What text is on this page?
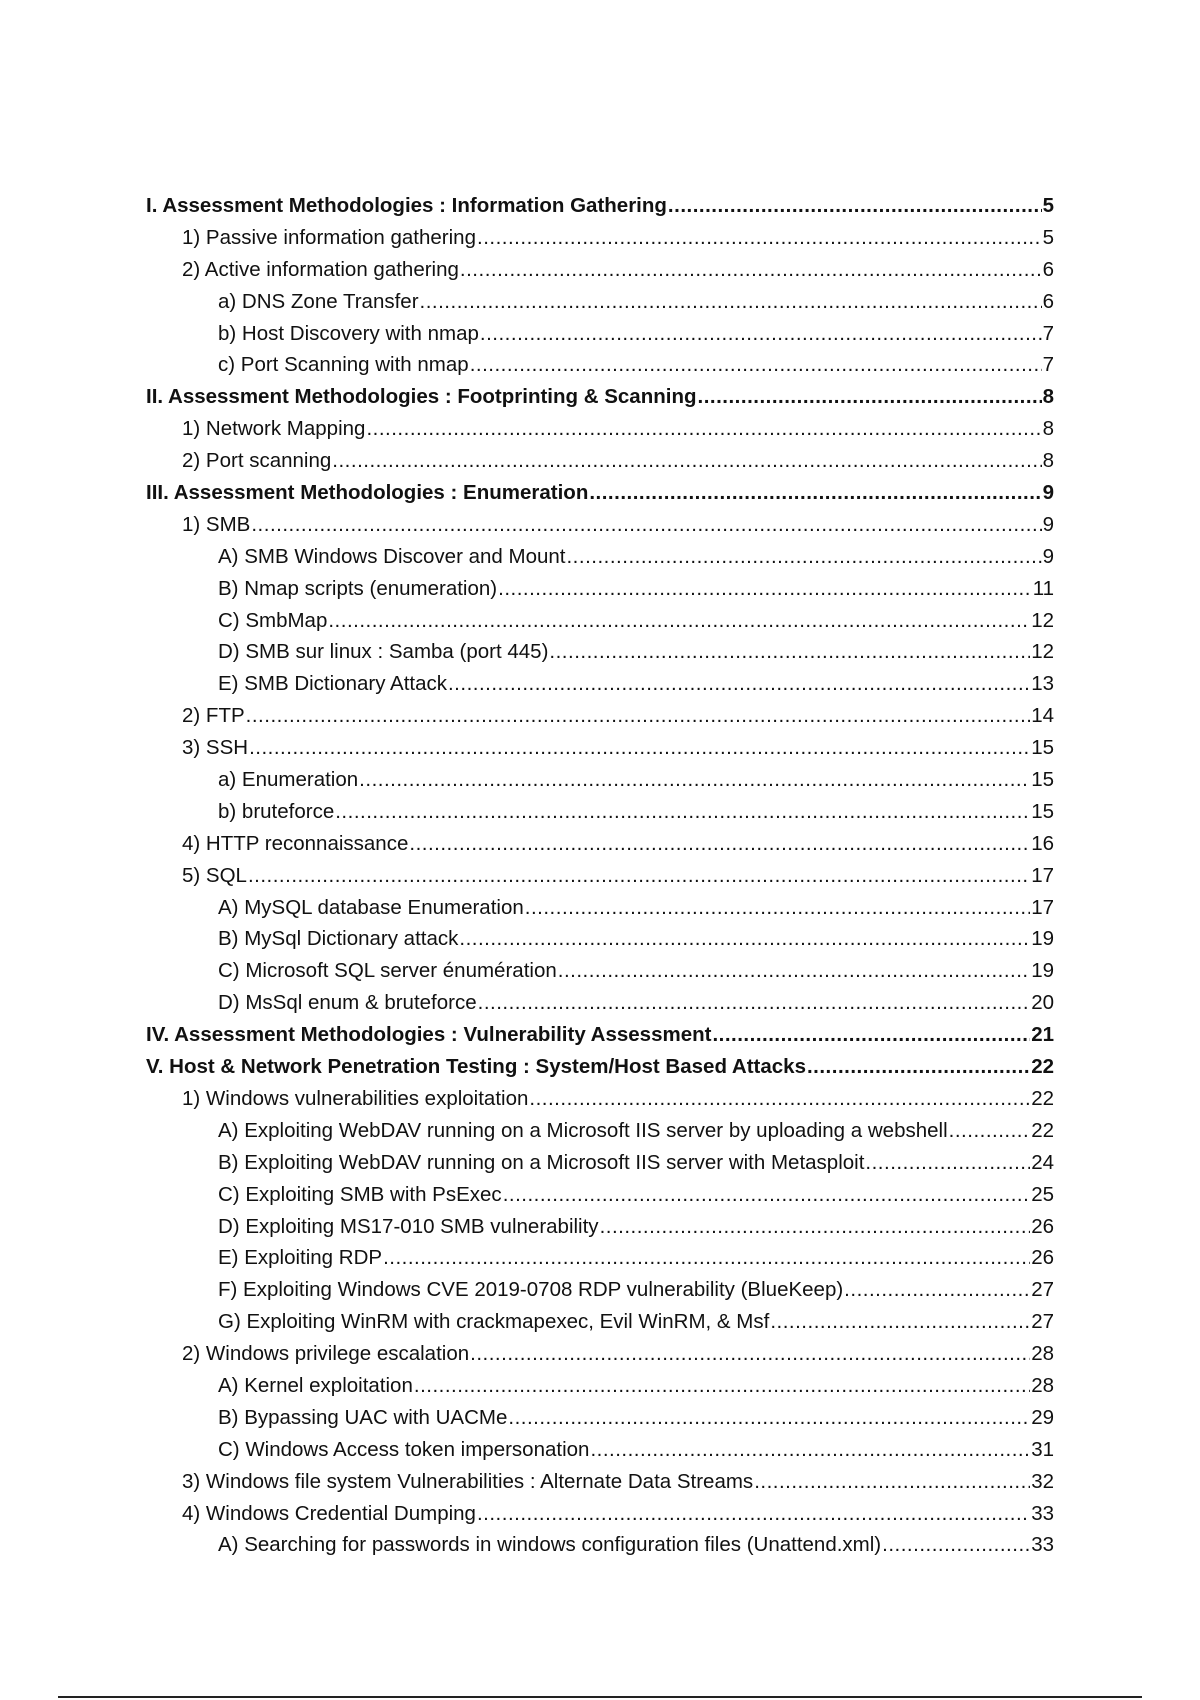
I. Assessment Methodologies : Information Gathering .....	5
1) Passive information gathering .....	5
2) Active information gathering .....	6
a) DNS Zone Transfer .....	6
b) Host Discovery with nmap .....	7
c) Port Scanning with nmap .....	7
II. Assessment Methodologies : Footprinting & Scanning .....	8
1) Network Mapping .....	8
2) Port scanning .....	8
III. Assessment Methodologies : Enumeration .....	9
1) SMB .....	9
A) SMB Windows Discover and Mount .....	9
B) Nmap scripts (enumeration) .....	11
C) SmbMap .....	12
D) SMB sur linux : Samba (port 445) .....	12
E) SMB Dictionary Attack .....	13
2) FTP .....	14
3) SSH .....	15
a) Enumeration .....	15
b) bruteforce .....	15
4) HTTP reconnaissance .....	16
5) SQL .....	17
A) MySQL database Enumeration .....	17
B) MySql Dictionary attack .....	19
C) Microsoft SQL server énumération .....	19
D) MsSql enum & bruteforce .....	20
IV. Assessment Methodologies : Vulnerability Assessment .....	21
V. Host & Network Penetration Testing : System/Host Based Attacks .....	22
1) Windows vulnerabilities exploitation .....	22
A) Exploiting WebDAV running on a Microsoft IIS server by uploading a webshell .....	22
B) Exploiting WebDAV running on a Microsoft IIS server with Metasploit .....	24
C) Exploiting SMB with PsExec .....	25
D) Exploiting MS17-010 SMB vulnerability .....	26
E) Exploiting RDP .....	26
F) Exploiting Windows CVE 2019-0708 RDP vulnerability (BlueKeep) .....	27
G) Exploiting WinRM with crackmapexec, Evil WinRM, & Msf .....	27
2) Windows privilege escalation .....	28
A) Kernel exploitation .....	28
B) Bypassing UAC with UACMe .....	29
C) Windows Access token impersonation .....	31
3) Windows file system Vulnerabilities : Alternate Data Streams .....	32
4) Windows Credential Dumping .....	33
A) Searching for passwords in windows configuration files (Unattend.xml) .....	33
